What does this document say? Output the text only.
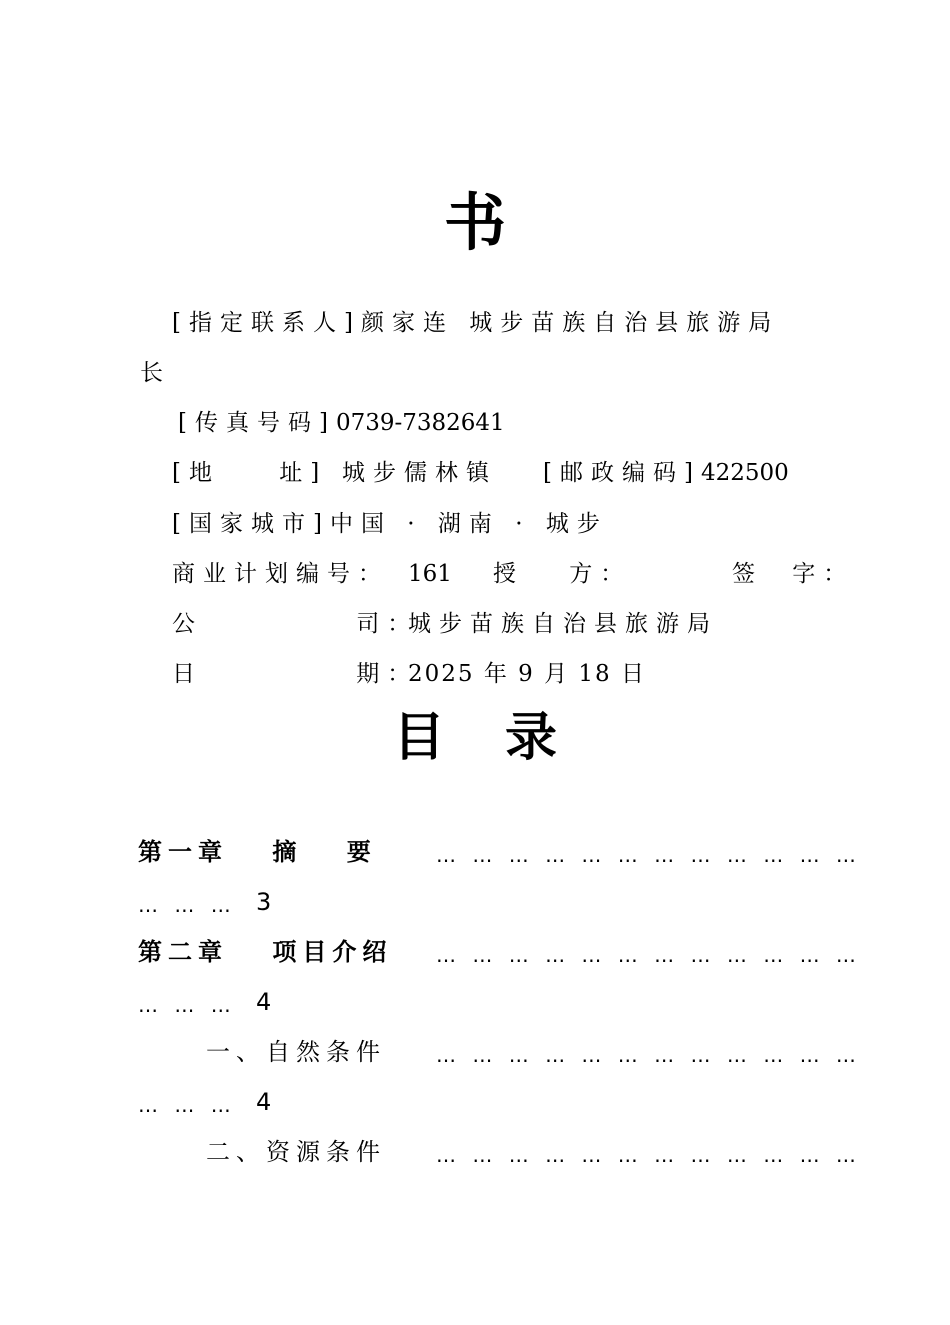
书
[指定联系人]颜家连 城步苗族自治县旅游局
长
[传真号码]0739-7382641
[地 址] 城步儒林镇 [邮政编码]422500
[国家城市]中国 · 湖南 · 城步
商业计划编号： 161 授 方：	签 字：
公 司：
城步苗族自治县旅游局
日 期：
2025 年 9 月 18 日
目录
第一章 摘 要	… … … … … … … … … … … …
… … … 3
第二章 项目介绍	… … … … … … … … … … … …
… … … 4
一、自然条件	… … … … … … … … … … … …
… … … 4
二、资源条件	… … … … … … … … … … … …
